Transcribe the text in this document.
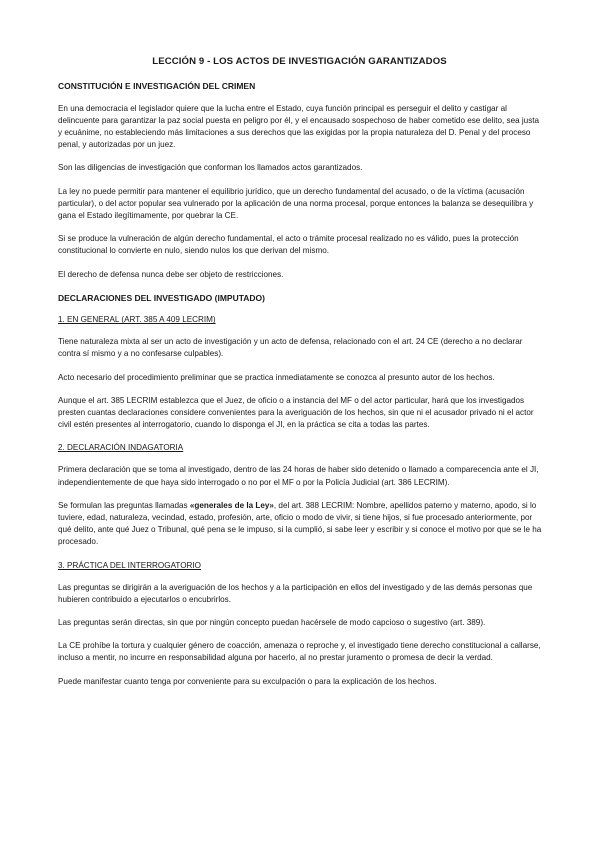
LECCIÓN 9 - LOS ACTOS DE INVESTIGACIÓN GARANTIZADOS
CONSTITUCIÓN E INVESTIGACIÓN DEL CRIMEN

En una democracia el legislador quiere que la lucha entre el Estado, cuya función principal es perseguir el delito y castigar al delincuente para garantizar la paz social puesta en peligro por él, y el encausado sospechoso de haber cometido ese delito, sea justa y ecuánime, no estableciendo más limitaciones a sus derechos que las exigidas por la propia naturaleza del D. Penal y del proceso penal, y autorizadas por un juez.

Son las diligencias de investigación que conforman los llamados actos garantizados.

La ley no puede permitir para mantener el equilibrio jurídico, que un derecho fundamental del acusado, o de la víctima (acusación particular), o del actor popular sea vulnerado por la aplicación de una norma procesal, porque entonces la balanza se desequilibra y gana el Estado ilegítimamente, por quebrar la CE.

Si se produce la vulneración de algún derecho fundamental, el acto o trámite procesal realizado no es válido, pues la protección constitucional lo convierte en nulo, siendo nulos los que derivan del mismo.

El derecho de defensa nunca debe ser objeto de restricciones.

DECLARACIONES DEL INVESTIGADO (IMPUTADO)
1. EN GENERAL (ART. 385 A 409 LECRIM)

Tiene naturaleza mixta al ser un acto de investigación y un acto de defensa, relacionado con el art. 24 CE (derecho a no declarar contra sí mismo y a no confesarse culpables).

Acto necesario del procedimiento preliminar que se practica inmediatamente se conozca al presunto autor de los hechos.

Aunque el art. 385 LECRIM establezca que el Juez, de oficio o a instancia del MF o del actor particular, hará que los investigados presten cuantas declaraciones considere convenientes para la averiguación de los hechos, sin que ni el acusador privado ni el actor civil estén presentes al interrogatorio, cuando lo disponga el JI, en la práctica se cita a todas las partes.

2. DECLARACIÓN INDAGATORIA

Primera declaración que se toma al investigado, dentro de las 24 horas de haber sido detenido o llamado a comparecencia ante el JI, independientemente de que haya sido interrogado o no por el MF o por la Policía Judicial (art. 386 LECRIM).

Se formulan las preguntas llamadas «generales de la Ley», del art. 388 LECRIM: Nombre, apellidos paterno y materno, apodo, si lo tuviere, edad, naturaleza, vecindad, estado, profesión, arte, oficio o modo de vivir, si tiene hijos, si fue procesado anteriormente, por qué delito, ante qué Juez o Tribunal, qué pena se le impuso, si la cumplió, si sabe leer y escribir y si conoce el motivo por que se le ha procesado.

3. PRÁCTICA DEL INTERROGATORIO

Las preguntas se dirigirán a la averiguación de los hechos y a la participación en ellos del investigado y de las demás personas que hubieren contribuido a ejecutarlos o encubrirlos.

Las preguntas serán directas, sin que por ningún concepto puedan hacérsele de modo capcioso o sugestivo (art. 389).

La CE prohíbe la tortura y cualquier género de coacción, amenaza o reproche y, el investigado tiene derecho constitucional a callarse, incluso a mentir, no incurre en responsabilidad alguna por hacerlo, al no prestar juramento o promesa de decir la verdad.

Puede manifestar cuanto tenga por conveniente para su exculpación o para la explicación de los hechos.
